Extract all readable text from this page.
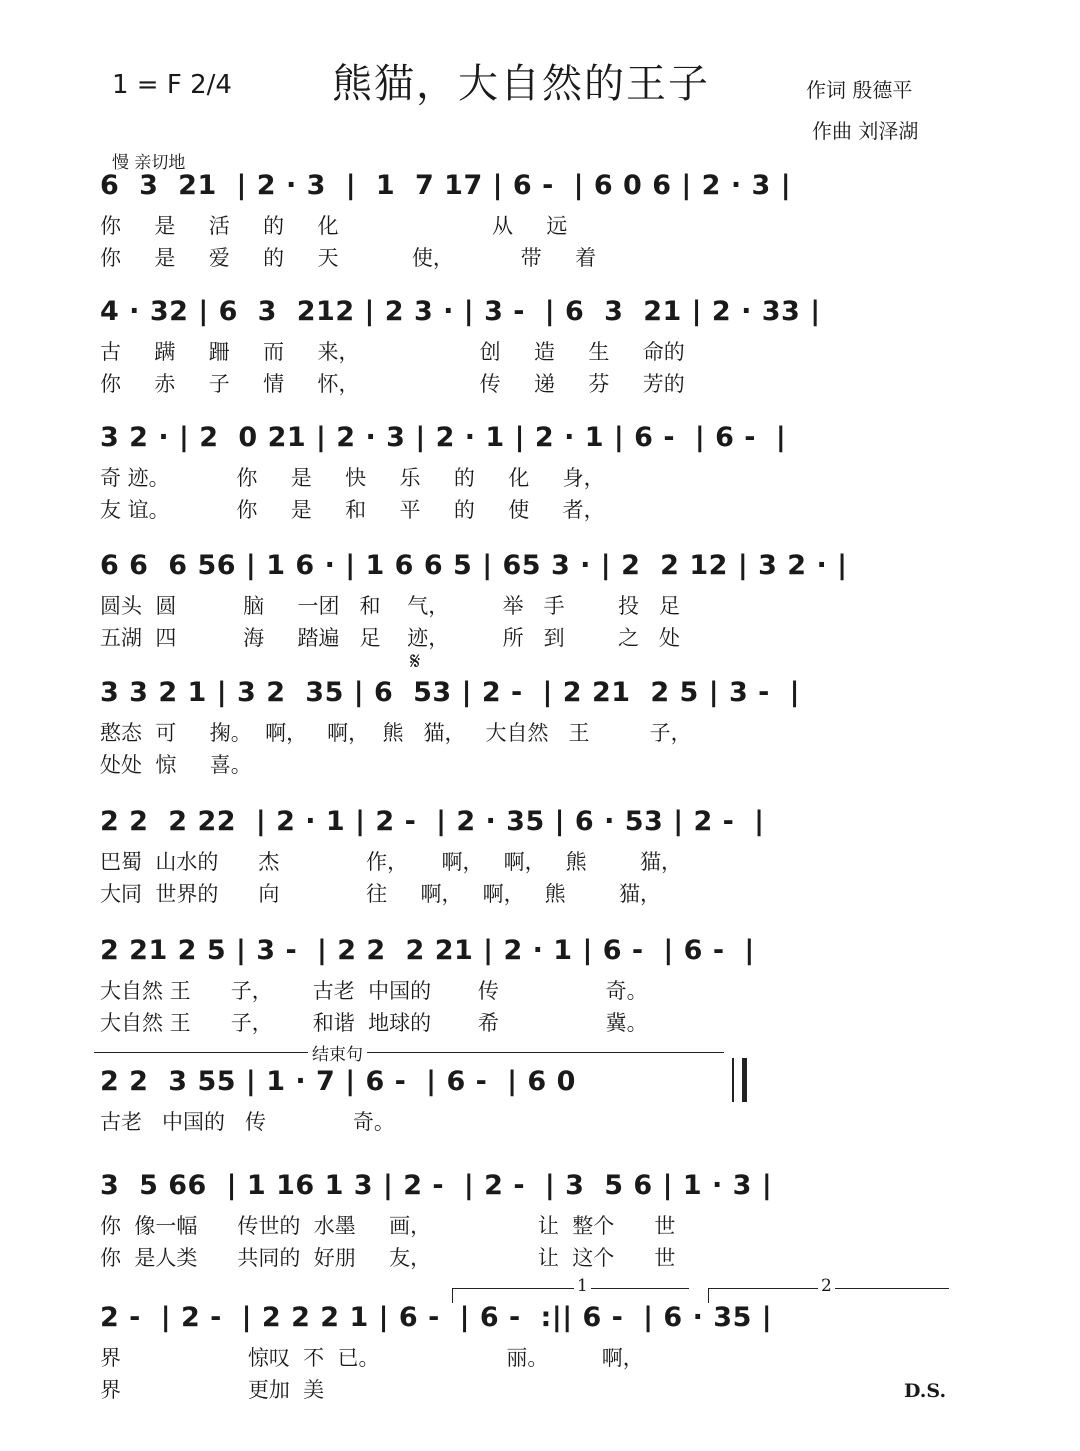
1 = F 2/4	熊猫，大自然的王子	作词 殷德平
作曲 刘泽湖
慢 亲切地
6  3  21  | 2 · 3  |  1  7 17 | 6 -  | 6 0 6 | 2 · 3 |
你     是     活     的     化                       从     远
你     是     爱     的     天           使，          带     着
4 · 32 | 6  3  212 | 2 3 · | 3 -  | 6  3  21 | 2 · 33 |
古     蹒     跚     而     来，                  创     造     生     命的
你     赤     子     情     怀，                  传     递     芬     芳的
3 2 · | 2  0 21 | 2 · 3 | 2 · 1 | 2 · 1 | 6 -  | 6 -  |
奇 迹。          你     是     快     乐     的     化     身，
友 谊。          你     是     和     平     的     使     者，
6 6  6 56 | 1 6 · | 1 6 6 5 | 65 3 · | 2  2 12 | 3 2 · |
圆头  圆          脑     一团   和    气，        举   手        投   足
五湖  四          海     踏遍   足    迹，        所   到        之   处
𝄋
3 3 2 1 | 3 2  35 | 6  53 | 2 -  | 2 21  2 5 | 3 -  |
憨态  可     掬。  啊，   啊，  熊   猫，   大自然   王         子，
处处  惊     喜。
2 2  2 22  | 2 · 1 | 2 -  | 2 · 35 | 6 · 53 | 2 -  |
巴蜀  山水的      杰             作，     啊，   啊，   熊        猫，
大同  世界的      向             往     啊，   啊，   熊        猫，
2 21 2 5 | 3 -  | 2 2  2 21 | 2 · 1 | 6 -  | 6 -  |
大自然 王      子，      古老  中国的       传                奇。
大自然 王      子，      和谐  地球的       希                冀。
结束句
2 2  3 55 | 1 · 7 | 6 -  | 6 -  | 6 0
古老   中国的   传             奇。
3  5 66  | 1 16 1 3 | 2 -  | 2 -  | 3  5 6 | 1 · 3 |
你  像一幅      传世的  水墨     画，                让  整个      世
你  是人类      共同的  好朋     友，                让  这个      世
1	2
2 -  | 2 -  | 2 2 2 1 | 6 -  | 6 -  :|| 6 -  | 6 · 35 |
界                   惊叹  不  已。                   丽。        啊，
界                   更加  美	D.S.
